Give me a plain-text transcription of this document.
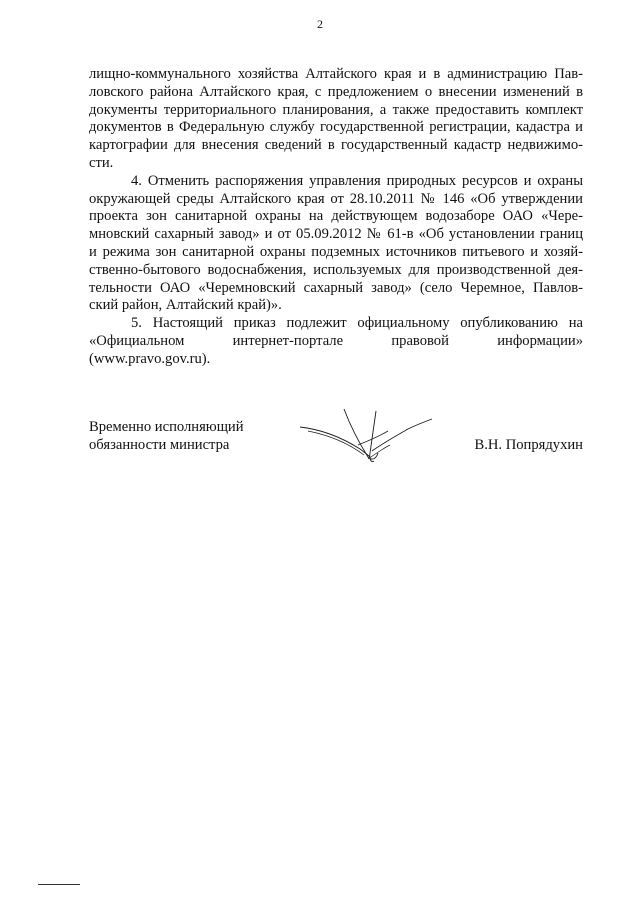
2
лищно-коммунального хозяйства Алтайского края и в администрацию Пав-
ловского района Алтайского края, с предложением о внесении изменений в
документы территориального планирования, а также предоставить комплект
документов в Федеральную службу государственной регистрации, кадастра и
картографии для внесения сведений в государственный кадастр недвижимо-
сти.
4. Отменить распоряжения управления природных ресурсов и охраны
окружающей среды Алтайского края от 28.10.2011 № 146 «Об утверждении
проекта зон санитарной охраны на действующем водозаборе ОАО «Чере-
мновский сахарный завод» и от 05.09.2012 № 61-в «Об установлении границ
и режима зон санитарной охраны подземных источников питьевого и хозяй-
ственно-бытового водоснабжения, используемых для производственной дея-
тельности ОАО «Черемновский сахарный завод» (село Черемное, Павлов-
ский район, Алтайский край)».
5. Настоящий приказ подлежит официальному опубликованию на
«Официальном интернет-портале правовой информации»
(www.pravo.gov.ru).
Временно исполняющий
обязанности министра	В.Н. Попрядухин
